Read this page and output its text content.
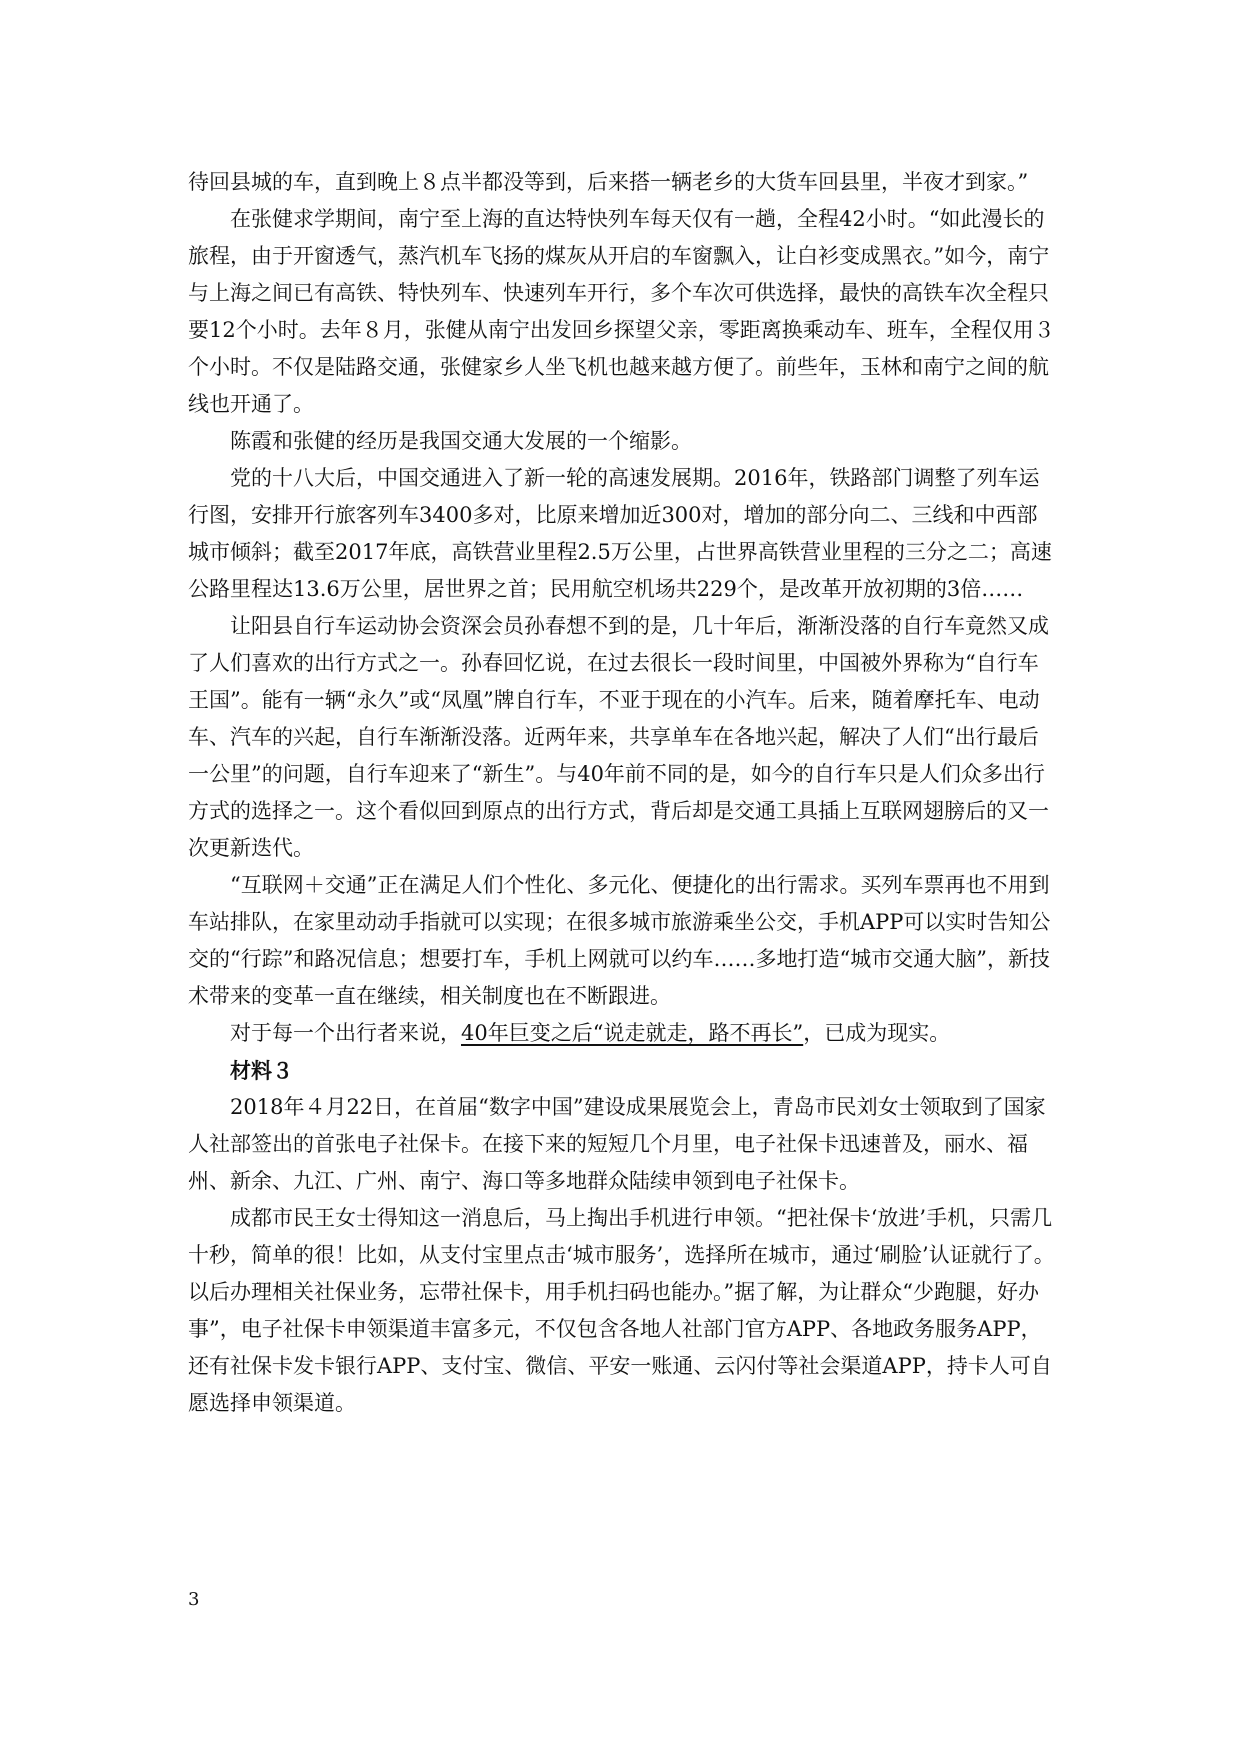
待回县城的车，直到晚上８点半都没等到，后来搭一辆老乡的大货车回县里，半夜才到家。”

在张健求学期间，南宁至上海的直达特快列车每天仅有一趟，全程42小时。“如此漫长的旅程，由于开窗透气，蒸汽机车飞扬的煤灰从开启的车窗飘入，让白衫变成黑衣。”如今，南宁与上海之间已有高铁、特快列车、快速列车开行，多个车次可供选择，最快的高铁车次全程只要12个小时。去年８月，张健从南宁出发回乡探望父亲，零距离换乘动车、班车，全程仅用３个小时。不仅是陆路交通，张健家乡人坐飞机也越来越方便了。前些年，玉林和南宁之间的航线也开通了。

陈霞和张健的经历是我国交通大发展的一个缩影。

党的十八大后，中国交通进入了新一轮的高速发展期。2016年，铁路部门调整了列车运行图，安排开行旅客列车3400多对，比原来增加近300对，增加的部分向二、三线和中西部城市倾斜；截至2017年底，高铁营业里程2.5万公里，占世界高铁营业里程的三分之二；高速公路里程达13.6万公里，居世界之首；民用航空机场共229个，是改革开放初期的3倍……

让阳县自行车运动协会资深会员孙春想不到的是，几十年后，渐渐没落的自行车竟然又成了人们喜欢的出行方式之一。孙春回忆说，在过去很长一段时间里，中国被外界称为“自行车王国”。能有一辆“永久”或“凤凰”牌自行车，不亚于现在的小汽车。后来，随着摩托车、电动车、汽车的兴起，自行车渐渐没落。近两年来，共享单车在各地兴起，解决了人们“出行最后一公里”的问题，自行车迎来了“新生”。与40年前不同的是，如今的自行车只是人们众多出行方式的选择之一。这个看似回到原点的出行方式，背后却是交通工具插上互联网翅膀后的又一次更新迭代。

“互联网＋交通”正在满足人们个性化、多元化、便捷化的出行需求。买列车票再也不用到车站排队，在家里动动手指就可以实现；在很多城市旅游乘坐公交，手机APP可以实时告知公交的“行踪”和路况信息；想要打车，手机上网就可以约车……多地打造“城市交通大脑”，新技术带来的变革一直在继续，相关制度也在不断跟进。

对于每一个出行者来说，40年巨变之后“说走就走，路不再长”，已成为现实。

材料３

2018年４月22日，在首届“数字中国”建设成果展览会上，青岛市民刘女士领取到了国家人社部签出的首张电子社保卡。在接下来的短短几个月里，电子社保卡迅速普及，丽水、福州、新余、九江、广州、南宁、海口等多地群众陆续申领到电子社保卡。

成都市民王女士得知这一消息后，马上掏出手机进行申领。“把社保卡‘放进’手机，只需几十秒，简单的很！比如，从支付宝里点击‘城市服务’，选择所在城市，通过‘刷脸’认证就行了。以后办理相关社保业务，忘带社保卡，用手机扫码也能办。”据了解，为让群众“少跑腿，好办事”，电子社保卡申领渠道丰富多元，不仅包含各地人社部门官方APP、各地政务服务APP，还有社保卡发卡银行APP、支付宝、微信、平安一账通、云闪付等社会渠道APP，持卡人可自愿选择申领渠道。

3
